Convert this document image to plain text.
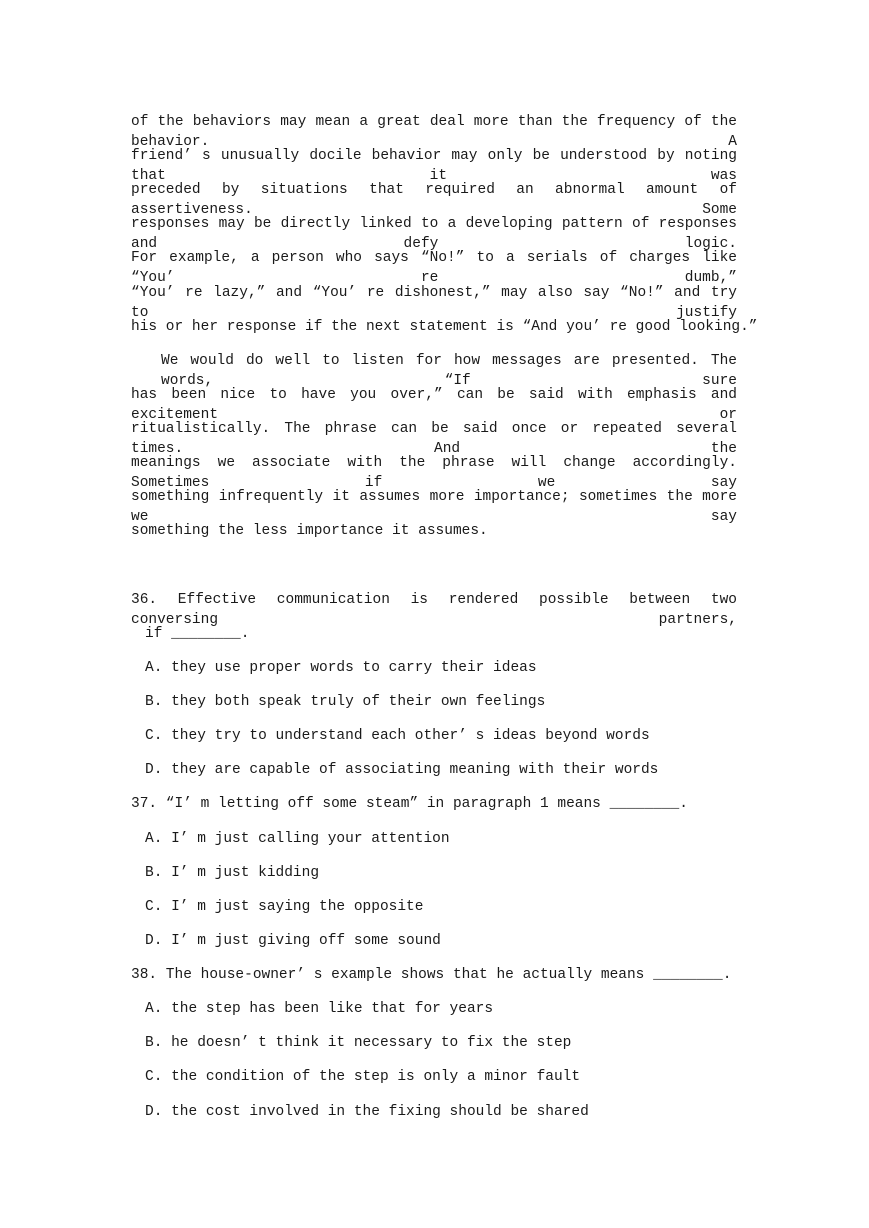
of the behaviors may mean a great deal more than the frequency of the behavior. A
friend’ s unusually docile behavior may only be understood by noting that it was
preceded by situations that required an abnormal amount of assertiveness. Some
responses may be directly linked to a developing pattern of responses and defy logic.
For example, a person who says “No!” to a serials of charges like “You’ re dumb,”
“You’ re lazy,” and “You’ re dishonest,” may also say “No!” and try to justify
his or her response if the next statement is “And you’ re good looking.”
We would do well to listen for how messages are presented. The words, “If sure
has been nice to have you over,” can be said with emphasis and excitement or
ritualistically. The phrase can be said once or repeated several times. And the
meanings we associate with the phrase will change accordingly. Sometimes if we say
something infrequently it assumes more importance; sometimes the more we say
something the less importance it assumes.
36. Effective communication is rendered possible between two conversing partners,
if ________.
A. they use proper words to carry their ideas
B. they both speak truly of their own feelings
C. they try to understand each other’ s ideas beyond words
D. they are capable of associating meaning with their words
37. “I’ m letting off some steam” in paragraph 1 means ________.
A. I’ m just calling your attention
B. I’ m just kidding
C. I’ m just saying the opposite
D. I’ m just giving off some sound
38. The house-owner’ s example shows that he actually means ________.
A. the step has been like that for years
B. he doesn’ t think it necessary to fix the step
C. the condition of the step is only a minor fault
D. the cost involved in the fixing should be shared
